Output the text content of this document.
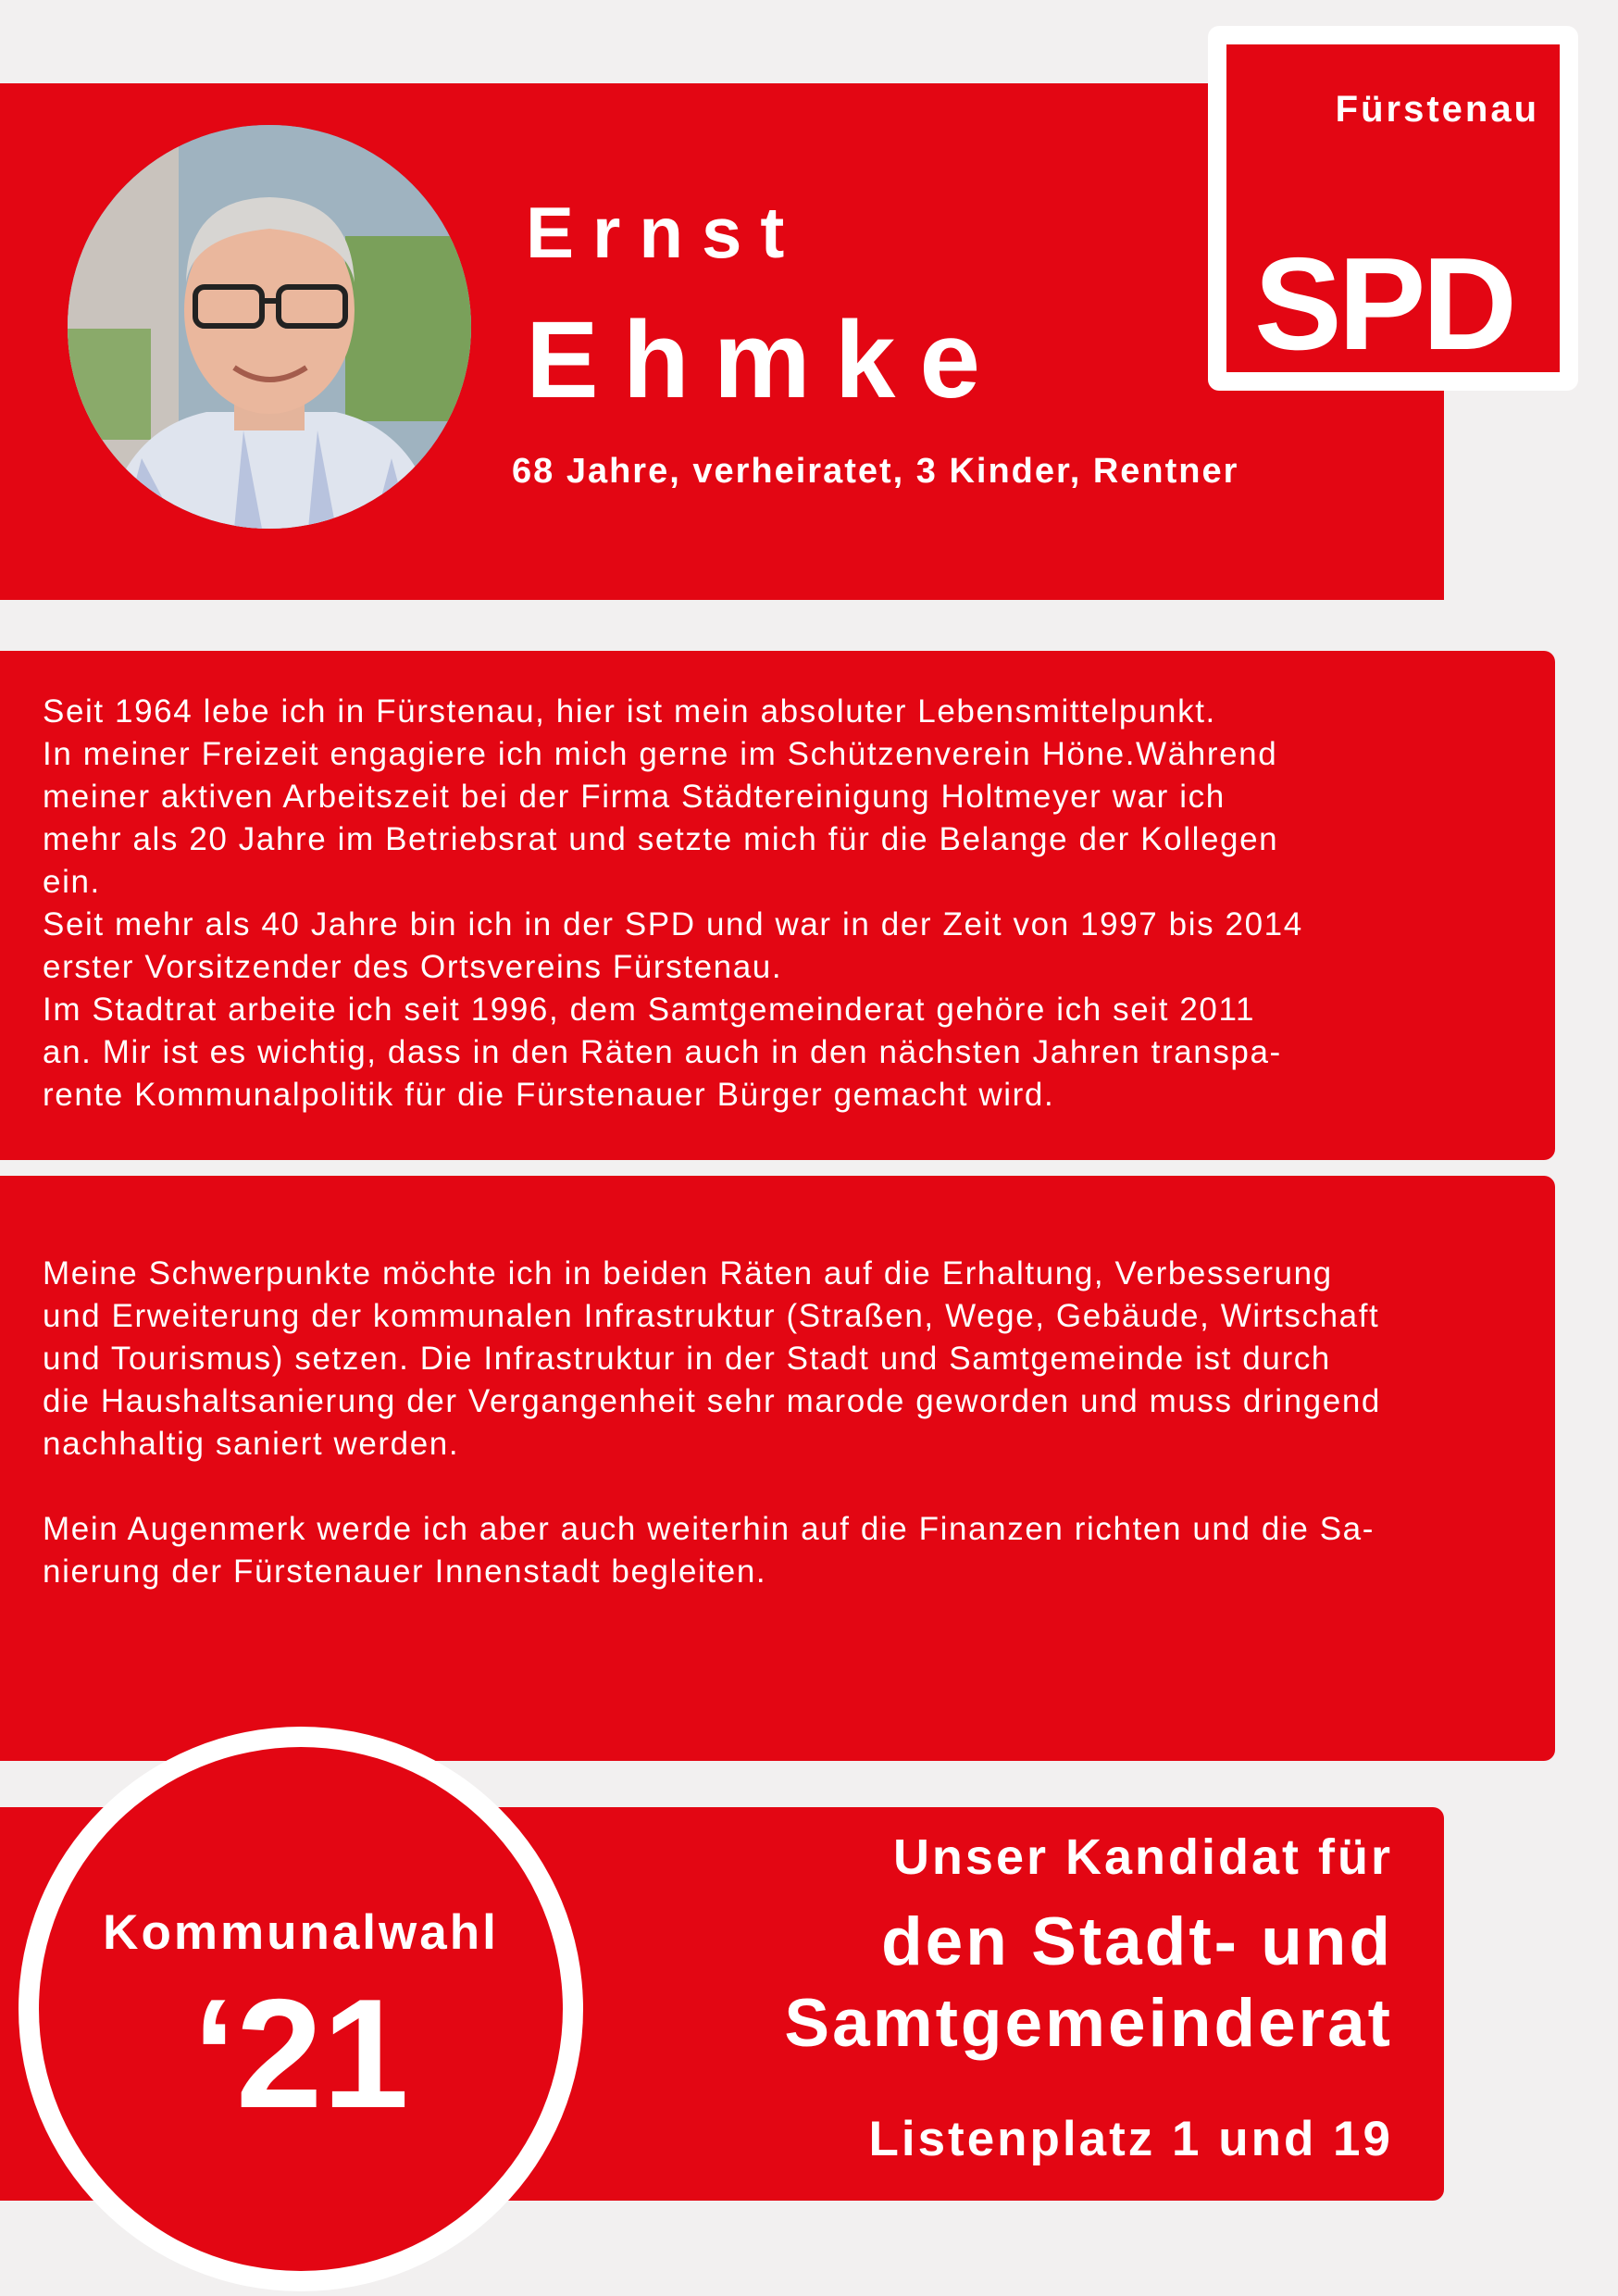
Ernst
Ehmke
68 Jahre, verheiratet, 3 Kinder, Rentner
Fürstenau
SPD
Seit 1964 lebe ich in Fürstenau, hier ist mein absoluter Lebensmittelpunkt.
In meiner Freizeit engagiere ich mich gerne im Schützenverein Höne.Während
meiner aktiven Arbeitszeit bei der Firma Städtereinigung Holtmeyer war ich
mehr als 20 Jahre im Betriebsrat und setzte mich für die Belange der Kollegen
ein.
Seit mehr als 40 Jahre bin ich in der SPD und war in der Zeit von 1997 bis 2014
erster Vorsitzender des Ortsvereins Fürstenau.
Im Stadtrat arbeite ich seit 1996, dem Samtgemeinderat gehöre ich seit 2011
an. Mir ist es wichtig, dass in den Räten auch in den nächsten Jahren transpa-
rente Kommunalpolitik für die Fürstenauer Bürger gemacht wird.
Meine Schwerpunkte möchte ich in beiden Räten auf die Erhaltung, Verbesserung
und Erweiterung der kommunalen Infrastruktur (Straßen, Wege, Gebäude, Wirtschaft
und Tourismus) setzen. Die Infrastruktur in der Stadt und Samtgemeinde ist durch
die Haushaltsanierung der Vergangenheit sehr marode geworden und muss dringend
nachhaltig saniert werden.

Mein Augenmerk werde ich aber auch weiterhin auf die Finanzen richten und die Sa-
nierung der Fürstenauer Innenstadt begleiten.
Unser Kandidat für
den Stadt- und
Samtgemeinderat
Listenplatz 1 und 19
Kommunalwahl
‘21
